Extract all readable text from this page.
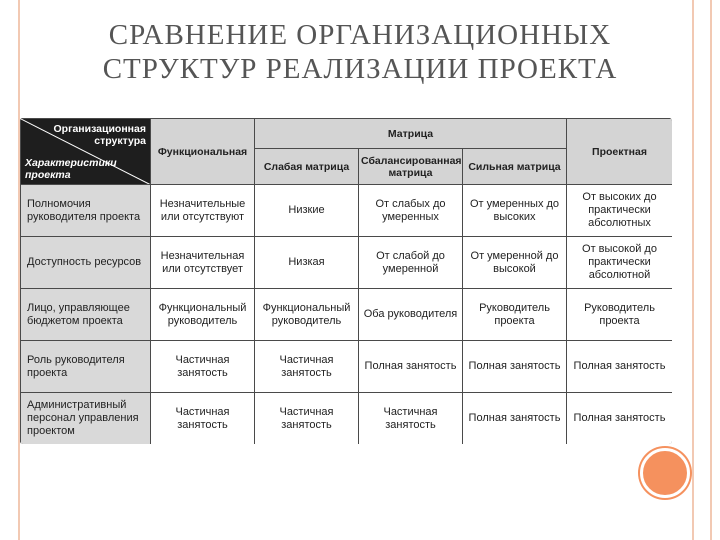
СРАВНЕНИЕ ОРГАНИЗАЦИОННЫХ
СТРУКТУР РЕАЛИЗАЦИИ ПРОЕКТА
Организационная структура
Характеристики проекта	Функциональная	Матрица			Проектная
		Слабая матрица	Сбалансированная матрица	Сильная матрица	
Полномочия руководителя проекта	Незначительные или отсутствуют	Низкие	От слабых до умеренных	От умеренных до высоких	От высоких до практически абсолютных
Доступность ресурсов	Незначительная или отсутствует	Низкая	От слабой до умеренной	От умеренной до высокой	От высокой до практически абсолютной
Лицо, управляющее бюджетом проекта	Функциональный руководитель	Функциональный руководитель	Оба руководителя	Руководитель проекта	Руководитель проекта
Роль руководителя проекта	Частичная занятость	Частичная занятость	Полная занятость	Полная занятость	Полная занятость
Административный персонал управления проектом	Частичная занятость	Частичная занятость	Частичная занятость	Полная занятость	Полная занятость
